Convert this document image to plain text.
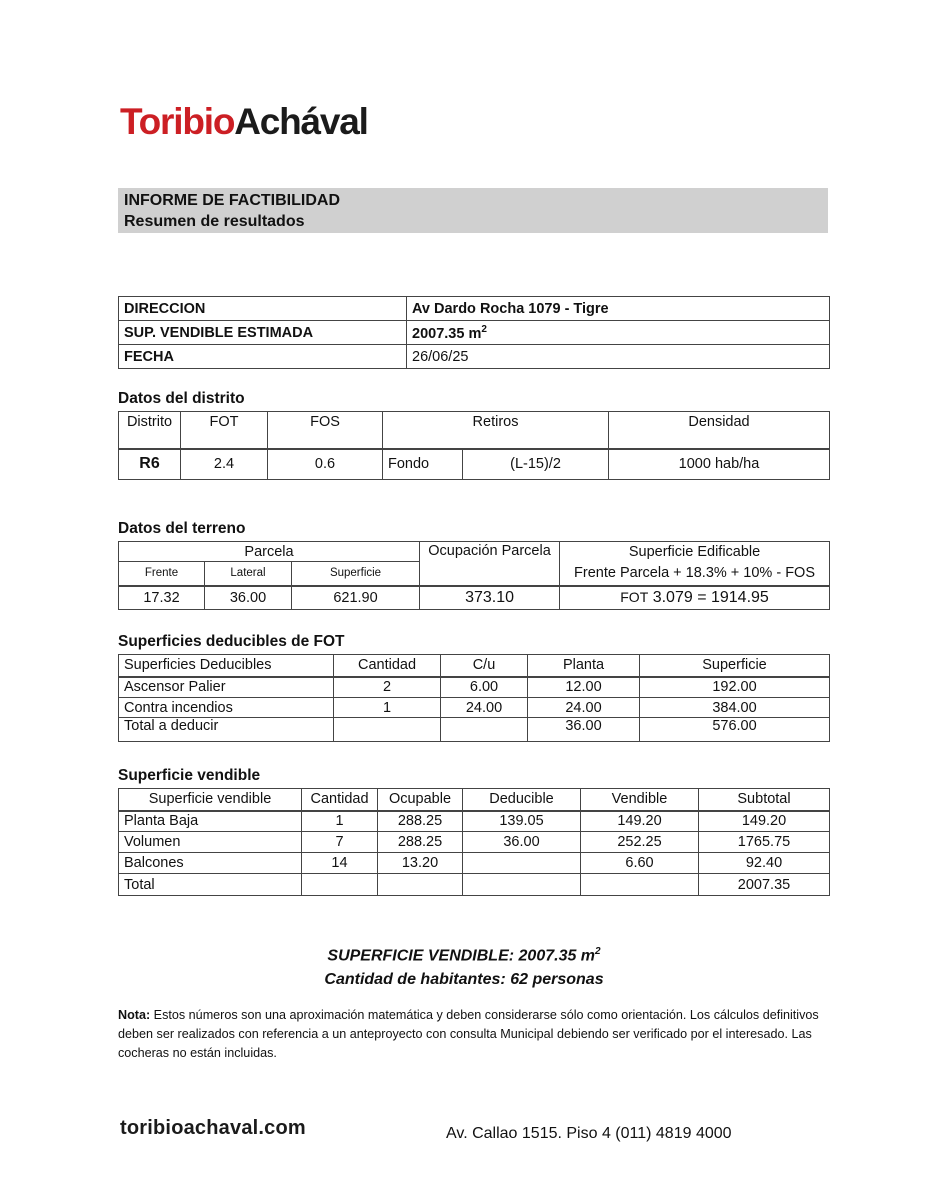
ToribioAchával
INFORME DE FACTIBILIDAD
Resumen de resultados
DIRECCION	Av Dardo Rocha 1079 - Tigre
SUP. VENDIBLE ESTIMADA	2007.35 $m^2$
FECHA	26/06/25
Datos del distrito
Distrito	FOT	FOS	Retiros		Densidad
R6	2.4	0.6	Fondo	(L-15)/2	1000 hab/ha
Datos del terreno
Parcela			Ocupación Parcela	Superficie Edificable
Frente	Lateral	Superficie		Frente Parcela + 18.3% + 10% - FOS
17.32	36.00	621.90	373.10	FOT 3.079 = 1914.95
Superficies deducibles de FOT
Superficies Deducibles	Cantidad	C/u	Planta	Superficie
Ascensor Palier	2	6.00	12.00	192.00
Contra incendios	1	24.00	24.00	384.00
Total a deducir			36.00	576.00
Superficie vendible
Superficie vendible	Cantidad	Ocupable	Deducible	Vendible	Subtotal
Planta Baja	1	288.25	139.05	149.20	149.20
Volumen	7	288.25	36.00	252.25	1765.75
Balcones	14	13.20		6.60	92.40
Total					2007.35
SUPERFICIE VENDIBLE: 2007.35 $m^2$
Cantidad de habitantes: 62 personas
Nota: Estos números son una aproximación matemática y deben considerarse sólo como orientación. Los cálculos definitivos deben ser realizados con referencia a un anteproyecto con consulta Municipal debiendo ser verificado por el interesado. Las cocheras no están incluidas.
toribioachaval.com	Av. Callao 1515. Piso 4 (011) 4819 4000
